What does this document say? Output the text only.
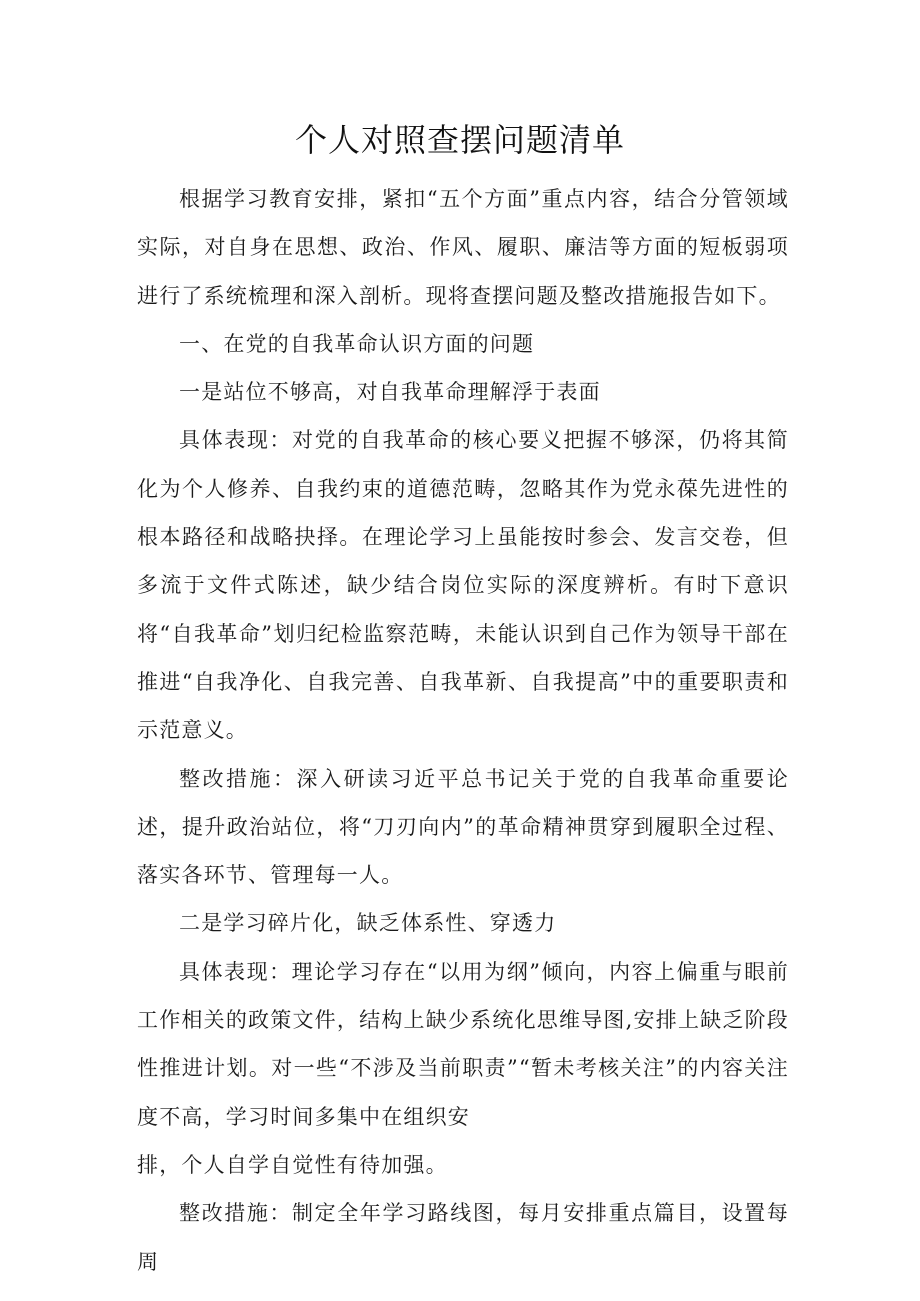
个人对照查摆问题清单

根据学习教育安排，紧扣“五个方面”重点内容，结合分管领域实际，对自身在思想、政治、作风、履职、廉洁等方面的短板弱项进行了系统梳理和深入剖析。现将查摆问题及整改措施报告如下。

一、在党的自我革命认识方面的问题

一是站位不够高，对自我革命理解浮于表面

具体表现：对党的自我革命的核心要义把握不够深，仍将其简化为个人修养、自我约束的道德范畴，忽略其作为党永葆先进性的根本路径和战略抉择。在理论学习上虽能按时参会、发言交卷，但多流于文件式陈述，缺少结合岗位实际的深度辨析。有时下意识将“自我革命”划归纪检监察范畴，未能认识到自己作为领导干部在推进“自我净化、自我完善、自我革新、自我提高”中的重要职责和示范意义。

整改措施：深入研读习近平总书记关于党的自我革命重要论述，提升政治站位，将“刀刃向内”的革命精神贯穿到履职全过程、落实各环节、管理每一人。

二是学习碎片化，缺乏体系性、穿透力

具体表现：理论学习存在“以用为纲”倾向，内容上偏重与眼前工作相关的政策文件，结构上缺少系统化思维导图,安排上缺乏阶段性推进计划。对一些“不涉及当前职责”“暂未考核关注”的内容关注度不高，学习时间多集中在组织安

排，个人自学自觉性有待加强。

整改措施：制定全年学习路线图，每月安排重点篇目，设置每周
